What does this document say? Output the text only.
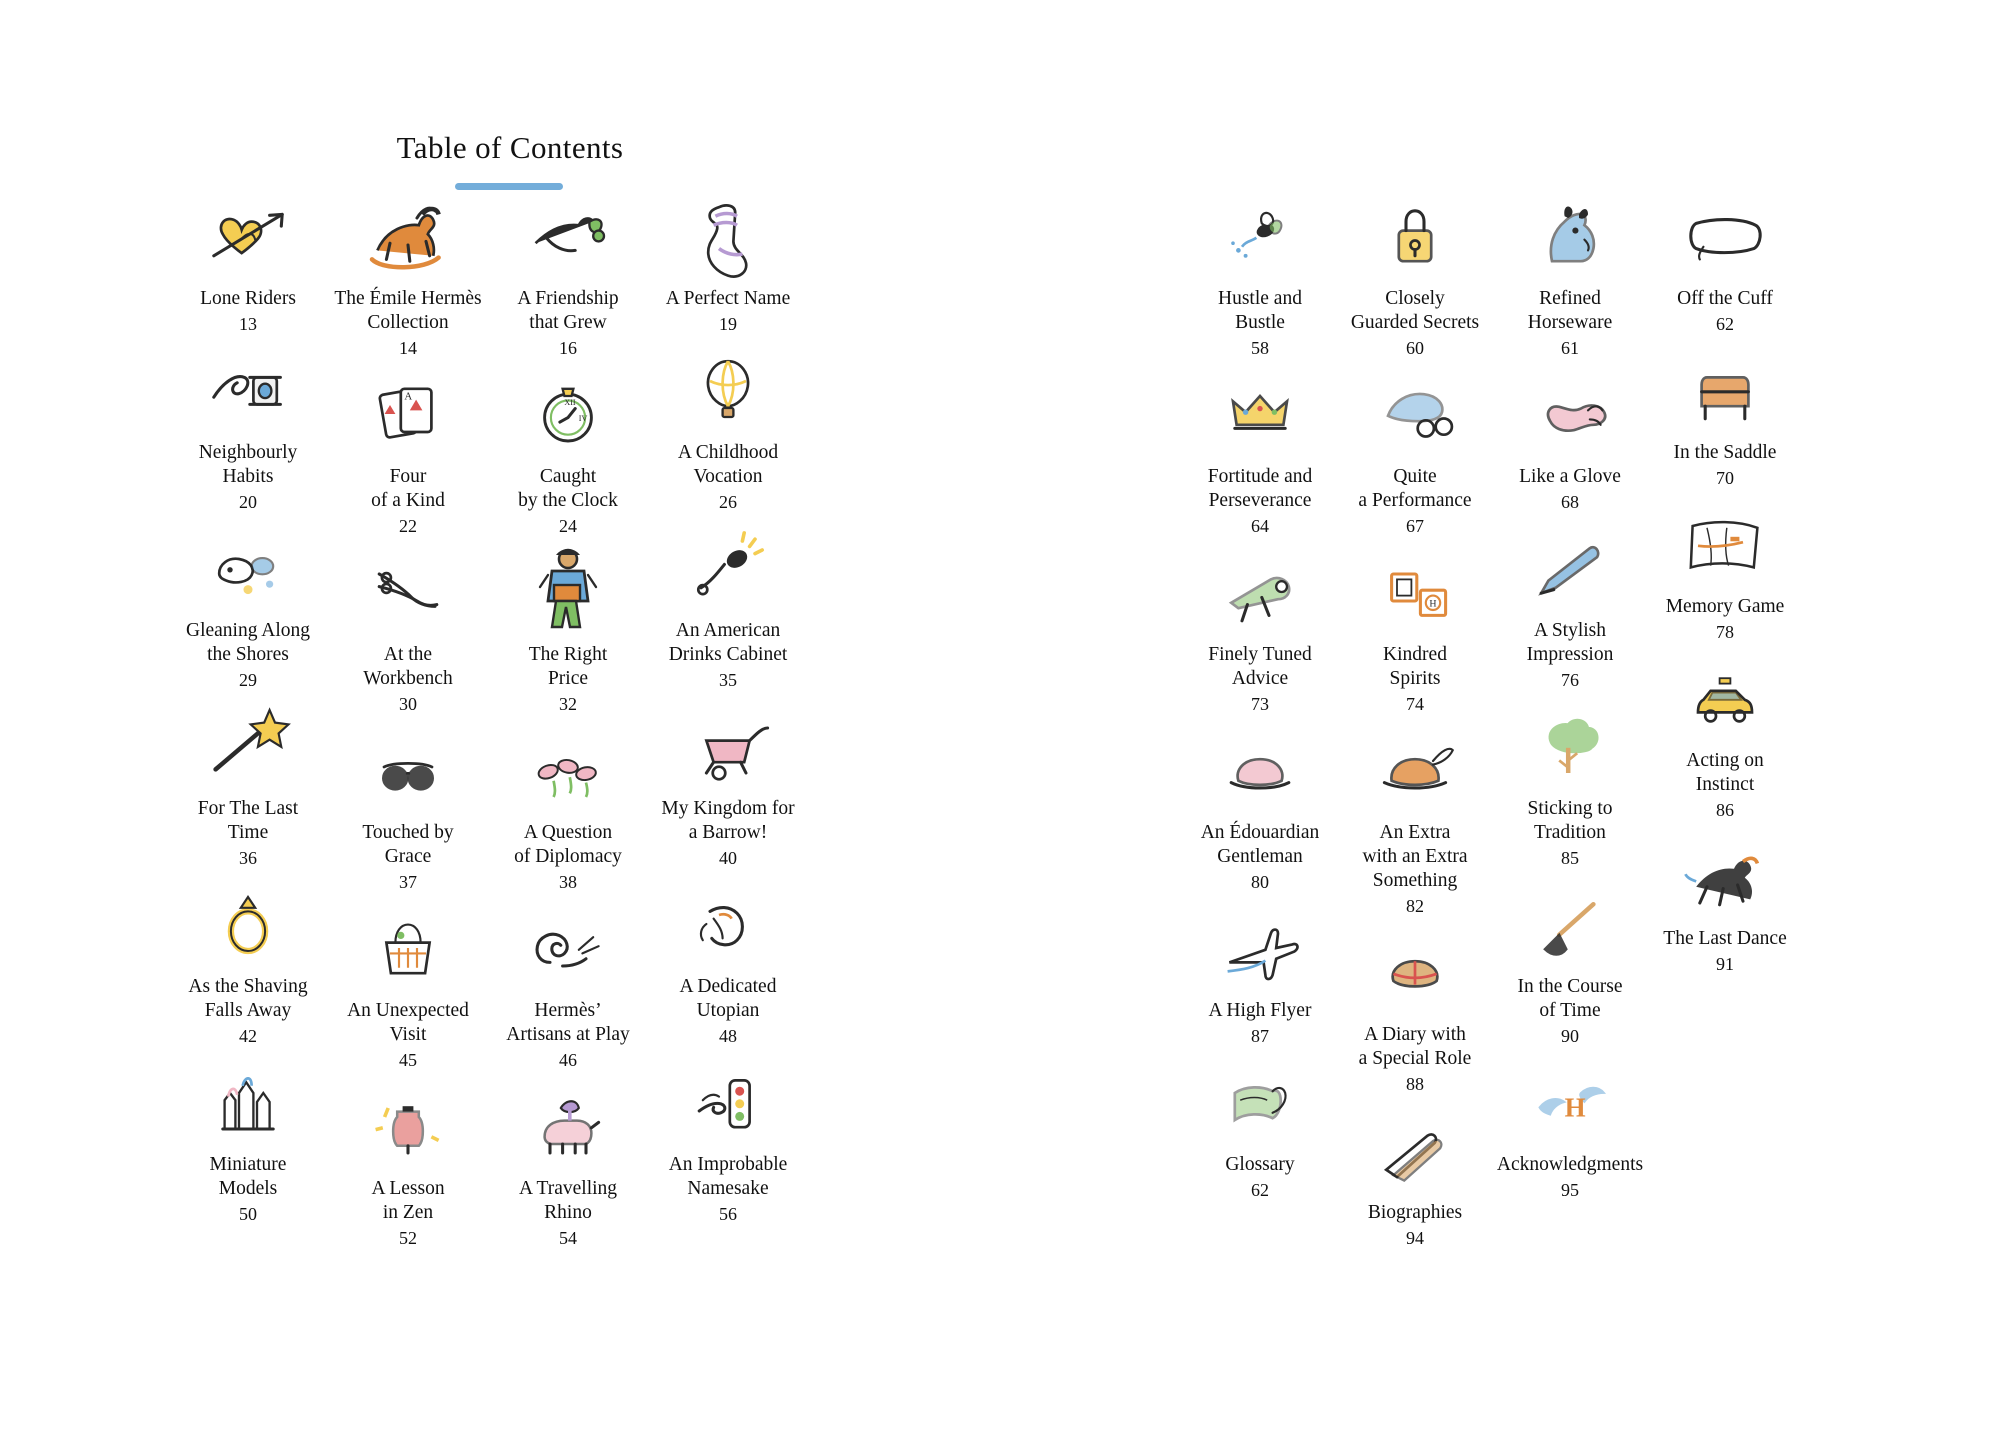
Table of Contents
Lone Riders
13
The Émile Hermès
Collection
14
A Friendship
that Grew
16
A Perfect Name
19
Neighbourly
Habits
20
A
Four
of a Kind
22
XII
IV
Caught
by the Clock
24
A Childhood
Vocation
26
Gleaning Along
the Shores
29
At the
Workbench
30
The Right
Price
32
An American
Drinks Cabinet
35
For The Last
Time
36
Touched by
Grace
37
A Question
of Diplomacy
38
My Kingdom for
a Barrow!
40
As the Shaving
Falls Away
42
An Unexpected
Visit
45
Hermès’
Artisans at Play
46
A Dedicated
Utopian
48
Miniature
Models
50
A Lesson
in Zen
52
A Travelling
Rhino
54
An Improbable
Namesake
56
Hustle and
Bustle
58
Closely
Guarded Secrets
60
Refined
Horseware
61
Off the Cuff
62
Fortitude and
Perseverance
64
Quite
a Performance
67
Like a Glove
68
In the Saddle
70
Finely Tuned
Advice
73
H
Kindred
Spirits
74
A Stylish
Impression
76
Memory Game
78
An Édouardian
Gentleman
80
An Extra
with an Extra
Something
82
Sticking to
Tradition
85
Acting on
Instinct
86
A High Flyer
87	A Diary with
a Special Role
88
In the Course
of Time
90
The Last Dance
91
Glossary
62
Biographies
94
H
Acknowledgments
95
